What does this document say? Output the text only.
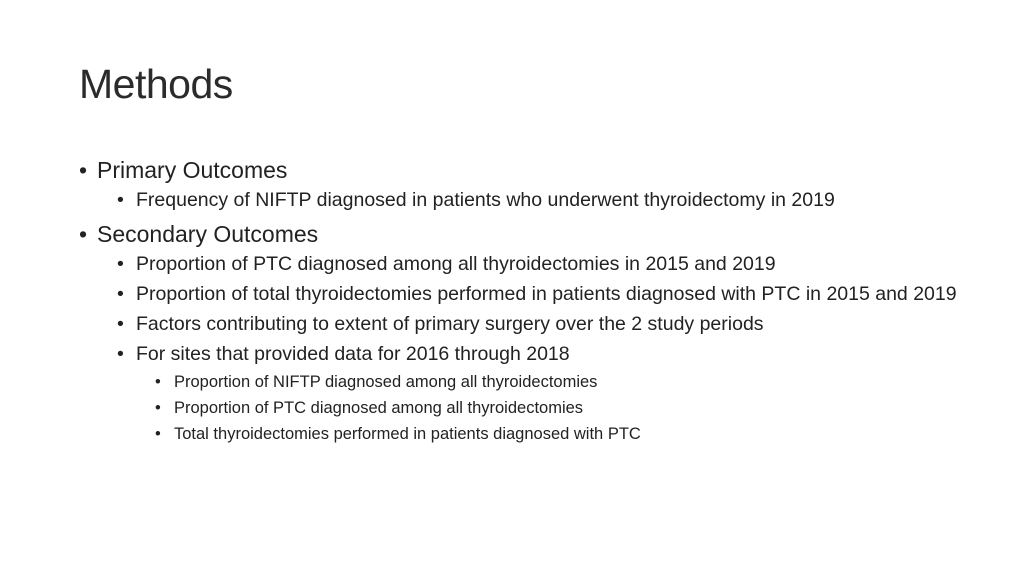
Methods
• Primary Outcomes
• Frequency of NIFTP diagnosed in patients who underwent thyroidectomy in 2019
• Secondary Outcomes
• Proportion of PTC diagnosed among all thyroidectomies in 2015 and 2019
• Proportion of total thyroidectomies performed in patients diagnosed with PTC in 2015 and 2019
• Factors contributing to extent of primary surgery over the 2 study periods
• For sites that provided data for 2016 through 2018
• Proportion of NIFTP diagnosed among all thyroidectomies
• Proportion of PTC diagnosed among all thyroidectomies
• Total thyroidectomies performed in patients diagnosed with PTC
